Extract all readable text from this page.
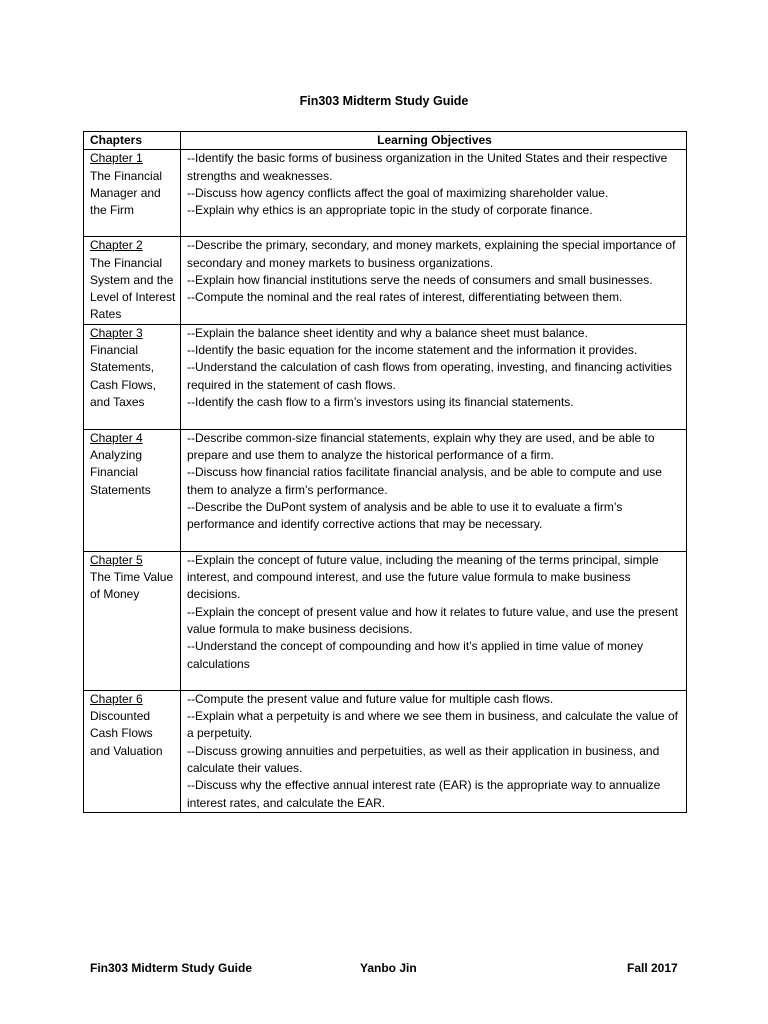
Fin303 Midterm Study Guide
Chapters	Learning Objectives

Chapter 1
The Financial Manager and the Firm	--Identify the basic forms of business organization in the United States and their respective strengths and weaknesses.
--Discuss how agency conflicts affect the goal of maximizing shareholder value.
--Explain why ethics is an appropriate topic in the study of corporate finance.

Chapter 2
The Financial System and the Level of Interest Rates	--Describe the primary, secondary, and money markets, explaining the special importance of secondary and money markets to business organizations.
--Explain how financial institutions serve the needs of consumers and small businesses.
--Compute the nominal and the real rates of interest, differentiating between them.

Chapter 3
Financial Statements, Cash Flows, and Taxes	--Explain the balance sheet identity and why a balance sheet must balance.
--Identify the basic equation for the income statement and the information it provides.
--Understand the calculation of cash flows from operating, investing, and financing activities required in the statement of cash flows.
--Identify the cash flow to a firm’s investors using its financial statements.

Chapter 4
Analyzing Financial Statements	--Describe common-size financial statements, explain why they are used, and be able to prepare and use them to analyze the historical performance of a firm.
--Discuss how financial ratios facilitate financial analysis, and be able to compute and use them to analyze a firm’s performance.
--Describe the DuPont system of analysis and be able to use it to evaluate a firm’s performance and identify corrective actions that may be necessary.

Chapter 5
The Time Value of Money	--Explain the concept of future value, including the meaning of the terms principal, simple interest, and compound interest, and use the future value formula to make business decisions.
--Explain the concept of present value and how it relates to future value, and use the present value formula to make business decisions.
--Understand the concept of compounding and how it’s applied in time value of money calculations

Chapter 6
Discounted Cash Flows and Valuation	--Compute the present value and future value for multiple cash flows.
--Explain what a perpetuity is and where we see them in business, and calculate the value of a perpetuity.
--Discuss growing annuities and perpetuities, as well as their application in business, and calculate their values.
--Discuss why the effective annual interest rate (EAR) is the appropriate way to annualize interest rates, and calculate the EAR.
Fin303 Midterm Study Guide	Yanbo Jin	Fall 2017
